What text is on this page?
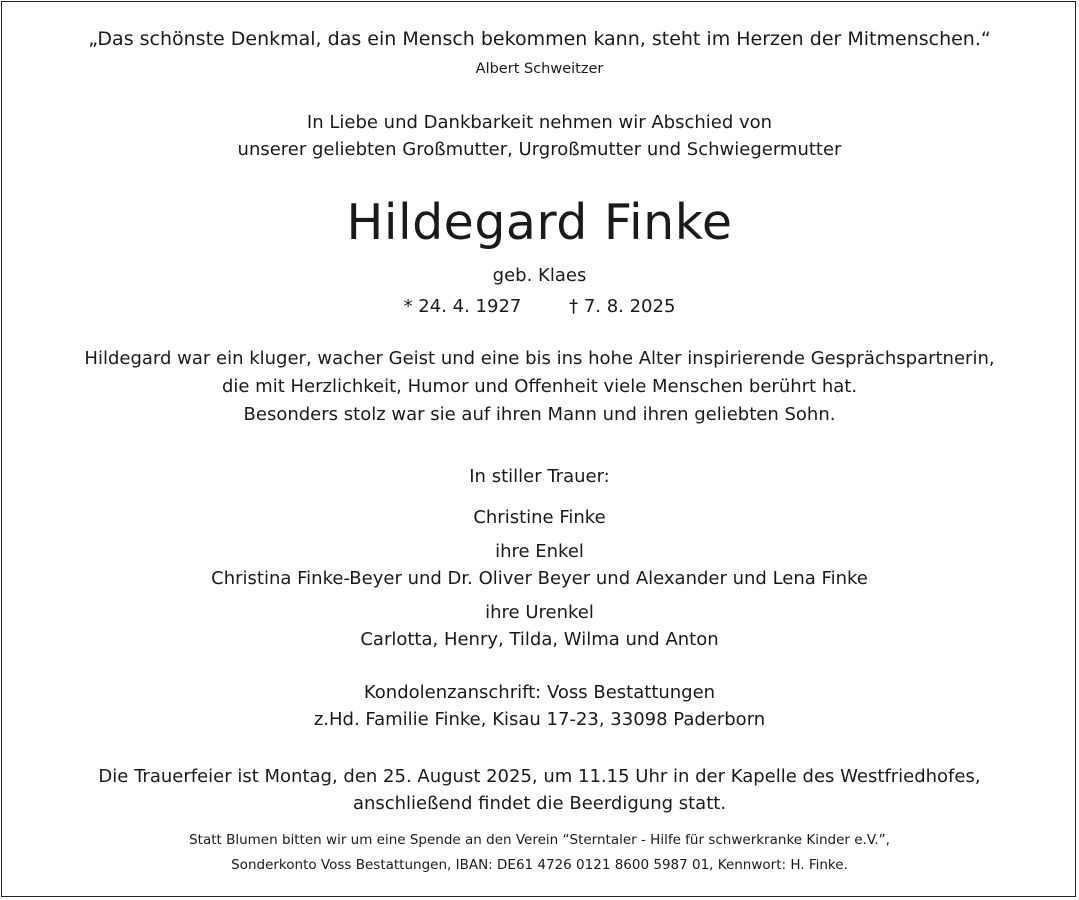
„Das schönste Denkmal, das ein Mensch bekommen kann, steht im Herzen der Mitmenschen.“

Albert Schweitzer

In Liebe und Dankbarkeit nehmen wir Abschied von

unserer geliebten Großmutter, Urgroßmutter und Schwiegermutter

Hildegard Finke

geb. Klaes

* 24. 4. 1927	† 7. 8. 2025

Hildegard war ein kluger, wacher Geist und eine bis ins hohe Alter inspirierende Gesprächspartnerin,

die mit Herzlichkeit, Humor und Offenheit viele Menschen berührt hat.

Besonders stolz war sie auf ihren Mann und ihren geliebten Sohn.

In stiller Trauer:

Christine Finke

ihre Enkel

Christina Finke-Beyer und Dr. Oliver Beyer und Alexander und Lena Finke

ihre Urenkel

Carlotta, Henry, Tilda, Wilma und Anton

Kondolenzanschrift: Voss Bestattungen

z.Hd. Familie Finke, Kisau 17-23, 33098 Paderborn

Die Trauerfeier ist Montag, den 25. August 2025, um 11.15 Uhr in der Kapelle des Westfriedhofes,

anschließend findet die Beerdigung statt.

Statt Blumen bitten wir um eine Spende an den Verein “Sterntaler - Hilfe für schwerkranke Kinder e.V.”,

Sonderkonto Voss Bestattungen, IBAN: DE61 4726 0121 8600 5987 01, Kennwort: H. Finke.
